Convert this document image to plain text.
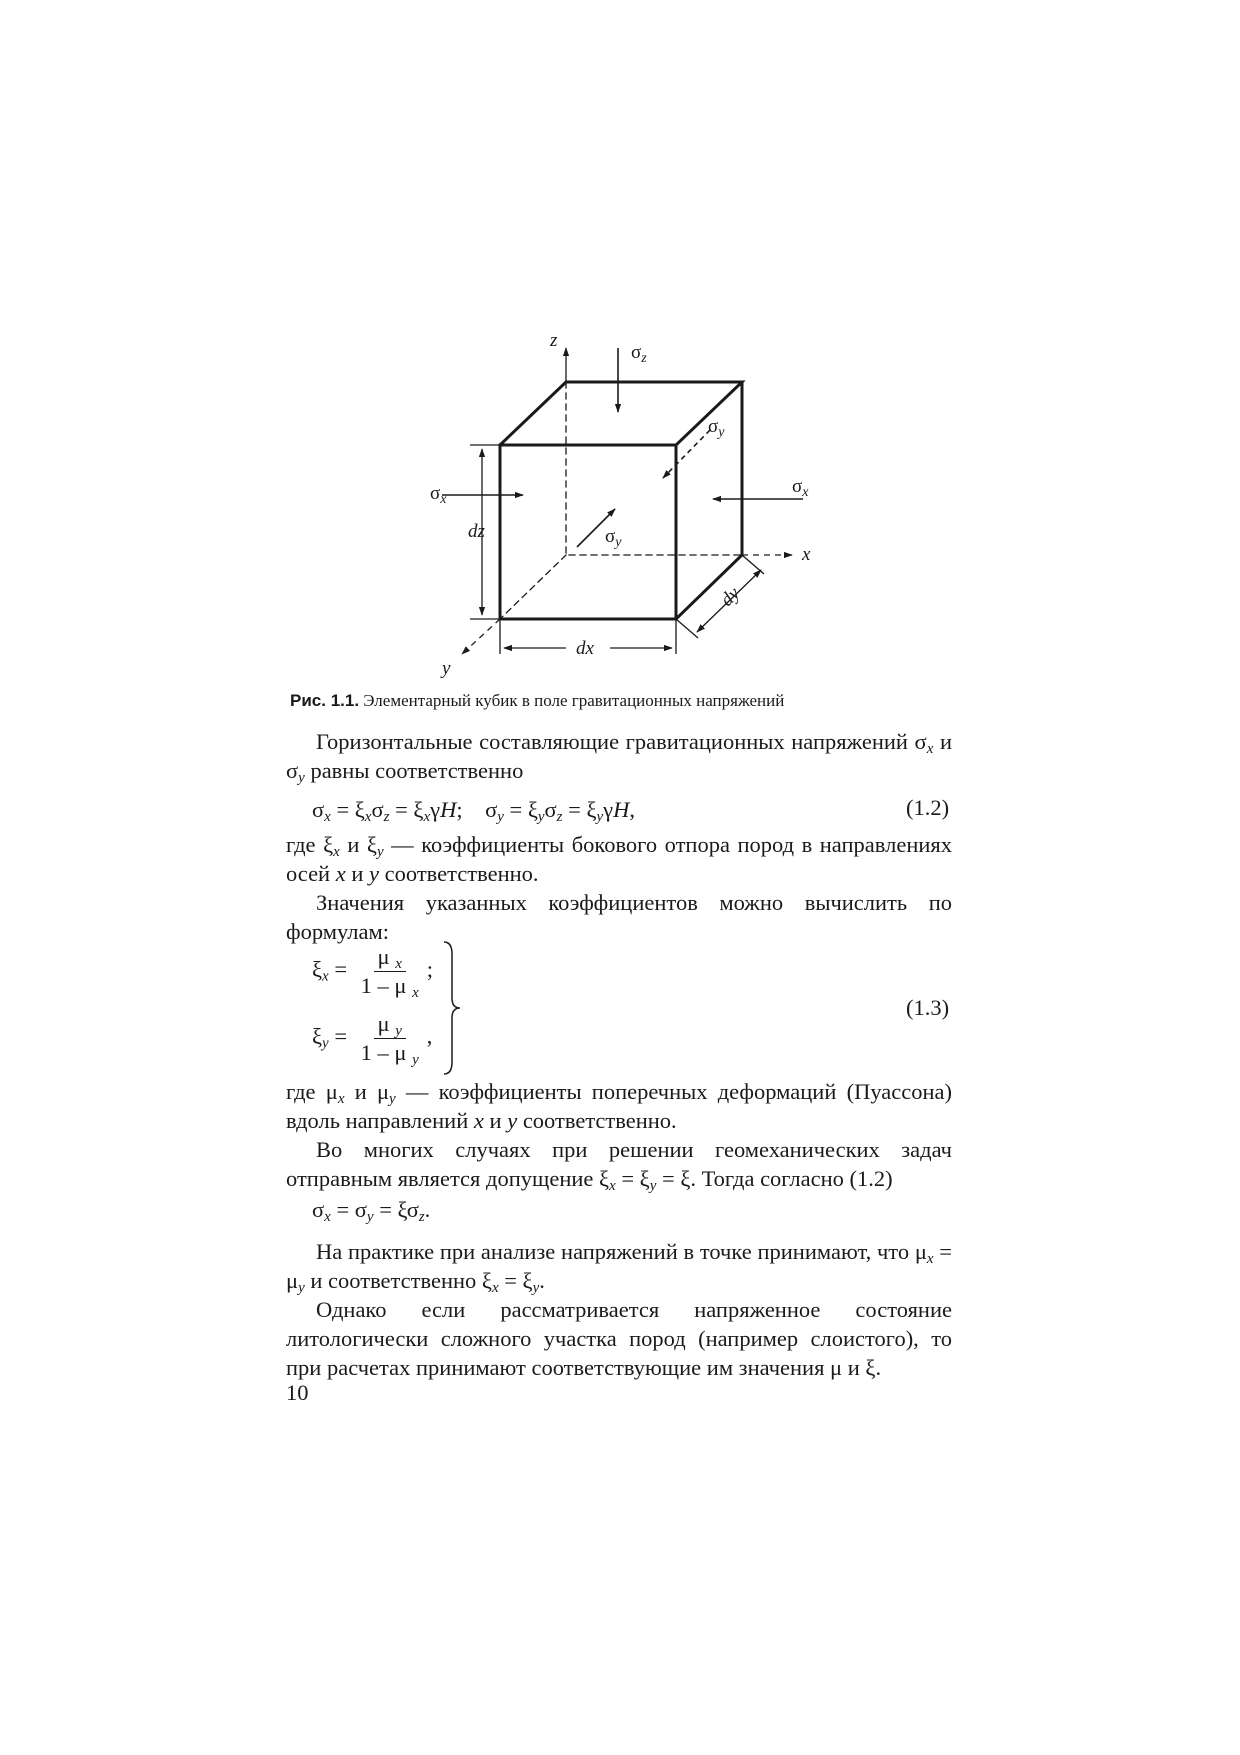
z
x
y
$\sigma_z$
$\sigma_y$
$\sigma_x$
$\sigma_x$
$\sigma_y$
dz
dx
dy
Рис. 1.1. Элементарный кубик в поле гравитационных напряжений

Горизонтальные составляющие гравитационных напряжений $\sigma_x$ и $\sigma_y$ равны соответственно

$\sigma_x = \xi_x\sigma_z = \xi_x\gamma H$;    $\sigma_y = \xi_y\sigma_z = \xi_y\gamma H$,	(1.2)

где $\xi_x$ и $\xi_y$ — коэффициенты бокового отпора пород в направлениях осей x и y соответственно.

Значения указанных коэффициентов можно вычислить по формулам:

$\xi_x = \frac{\mu _x}{1 - \mu _x}$ ;
$\xi_y = \frac{\mu _y}{1 - \mu _y}$ ,
(1.3)

где $\mu_x$ и $\mu_y$ — коэффициенты поперечных деформаций (Пуассона) вдоль направлений x и y соответственно.

Во многих случаях при решении геомеханических задач отправным является допущение $\xi_x = \xi_y = \xi$. Тогда согласно (1.2)

$\sigma_x = \sigma_y = \xi\sigma_z$.

На практике при анализе напряжений в точке принимают, что $\mu_x = \mu_y$ и соответственно $\xi_x = \xi_y$.

Однако если рассматривается напряженное состояние литологически сложного участка пород (например слоистого), то при расчетах принимают соответствующие им значения μ и ξ.

10
